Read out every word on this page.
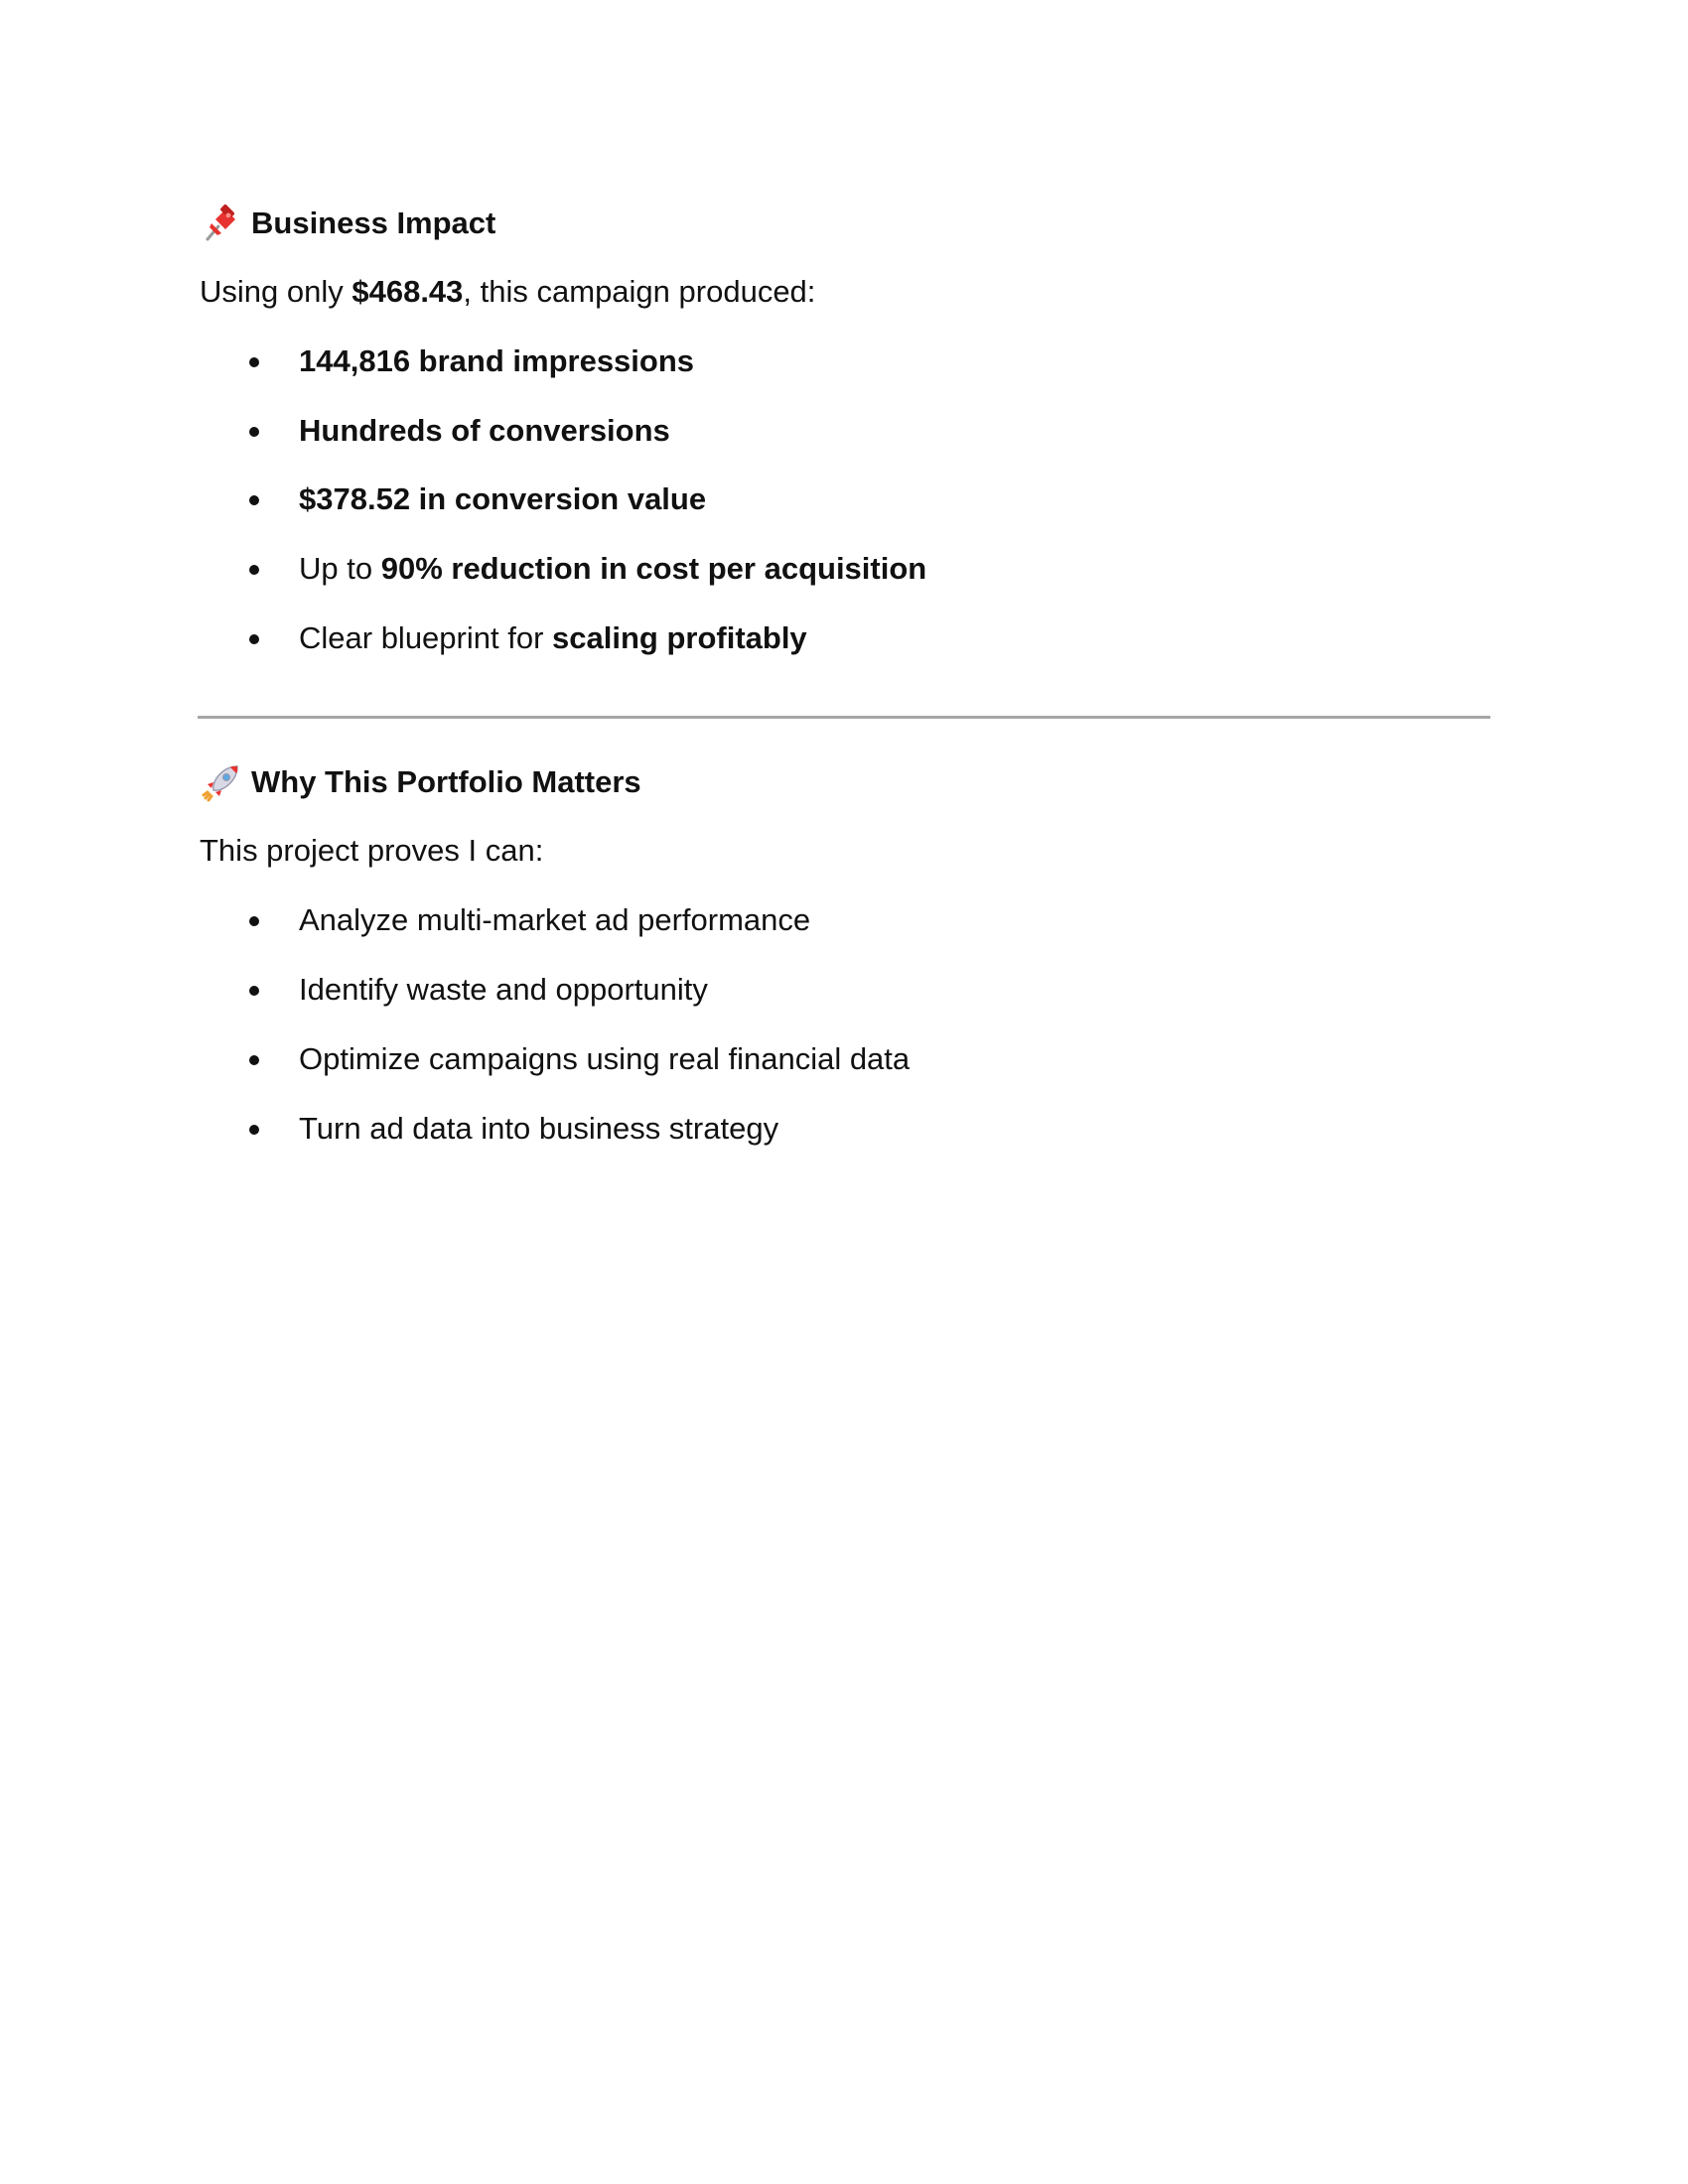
Business Impact
Using only $468.43, this campaign produced:
144,816 brand impressions
Hundreds of conversions
$378.52 in conversion value
Up to 90% reduction in cost per acquisition
Clear blueprint for scaling profitably
Why This Portfolio Matters
This project proves I can:
Analyze multi-market ad performance
Identify waste and opportunity
Optimize campaigns using real financial data
Turn ad data into business strategy
